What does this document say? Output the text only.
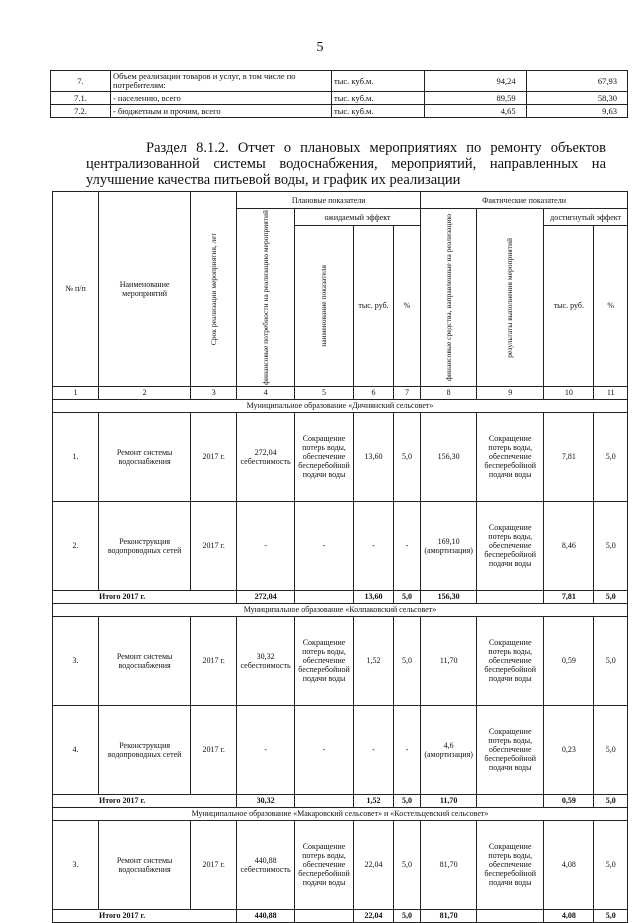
5
7.	Объем реализации товаров и услуг, в том числе по потребителям:	тыс. куб.м.	94,24	67,93
7.1.	- населению, всего	тыс. куб.м.	89,59	58,30
7.2.	- бюджетным и прочим, всего	тыс. куб.м.	4,65	9,63
Раздел 8.1.2. Отчет о плановых мероприятиях по ремонту объектов централизованной системы водоснабжения, мероприятий, направленных на улучшение качества питьевой воды, и график их реализации
№ п/п	Наименование мероприятий	Срок реализации мероприятия, лет	Плановые показатели				Фактические показатели			

			финансовые потребности на реализацию мероприятий	ожидаемый эффект			финансовые средства, направленные на реализацию	результаты выполнения мероприятий	достигнутый эффект	

				наименование показателя	тыс. руб.	%			тыс. руб.	%
1	2	3	4	5	6	7	8	9	10	11
Муниципальное образование «Дичнянский сельсовет»										
1.	Ремонт системы водоснабжения	2017 г.	272,04 себестоимость	Сокращение потерь воды, обеспечение бесперебойной подачи воды	13,60	5,0	156,30	Сокращение потерь воды, обеспечение бесперебойной подачи воды	7,81	5,0
2.	Реконструкция водопроводных сетей	2017 г.	-	-	-	-	169,10 (амортизация)	Сокращение потерь воды, обеспечение бесперебойной подачи воды	8,46	5,0
Итого 2017 г.			272,04		13,60	5,0	156,30		7,81	5,0
Муниципальное образование «Колпаковский сельсовет»										
3.	Ремонт системы водоснабжения	2017 г.	30,32 себестоимость	Сокращение потерь воды, обеспечение бесперебойной подачи воды	1,52	5,0	11,70	Сокращение потерь воды, обеспечение бесперебойной подачи воды	0,59	5,0
4.	Реконструкция водопроводных сетей	2017 г.	-	-	-	-	4,6 (амортизация)	Сокращение потерь воды, обеспечение бесперебойной подачи воды	0,23	5,0
Итого 2017 г.			30,32		1,52	5,0	11,70		0,59	5,0
Муниципальное образование «Макаровский сельсовет» и «Костельцевский сельсовет»										
3.	Ремонт системы водоснабжения	2017 г.	440,88 себестоимость	Сокращение потерь воды, обеспечение бесперебойной подачи воды	22,04	5,0	81,70	Сокращение потерь воды, обеспечение бесперебойной подачи воды	4,08	5,0
Итого 2017 г.			440,88		22,04	5,0	81,70		4,08	5,0
